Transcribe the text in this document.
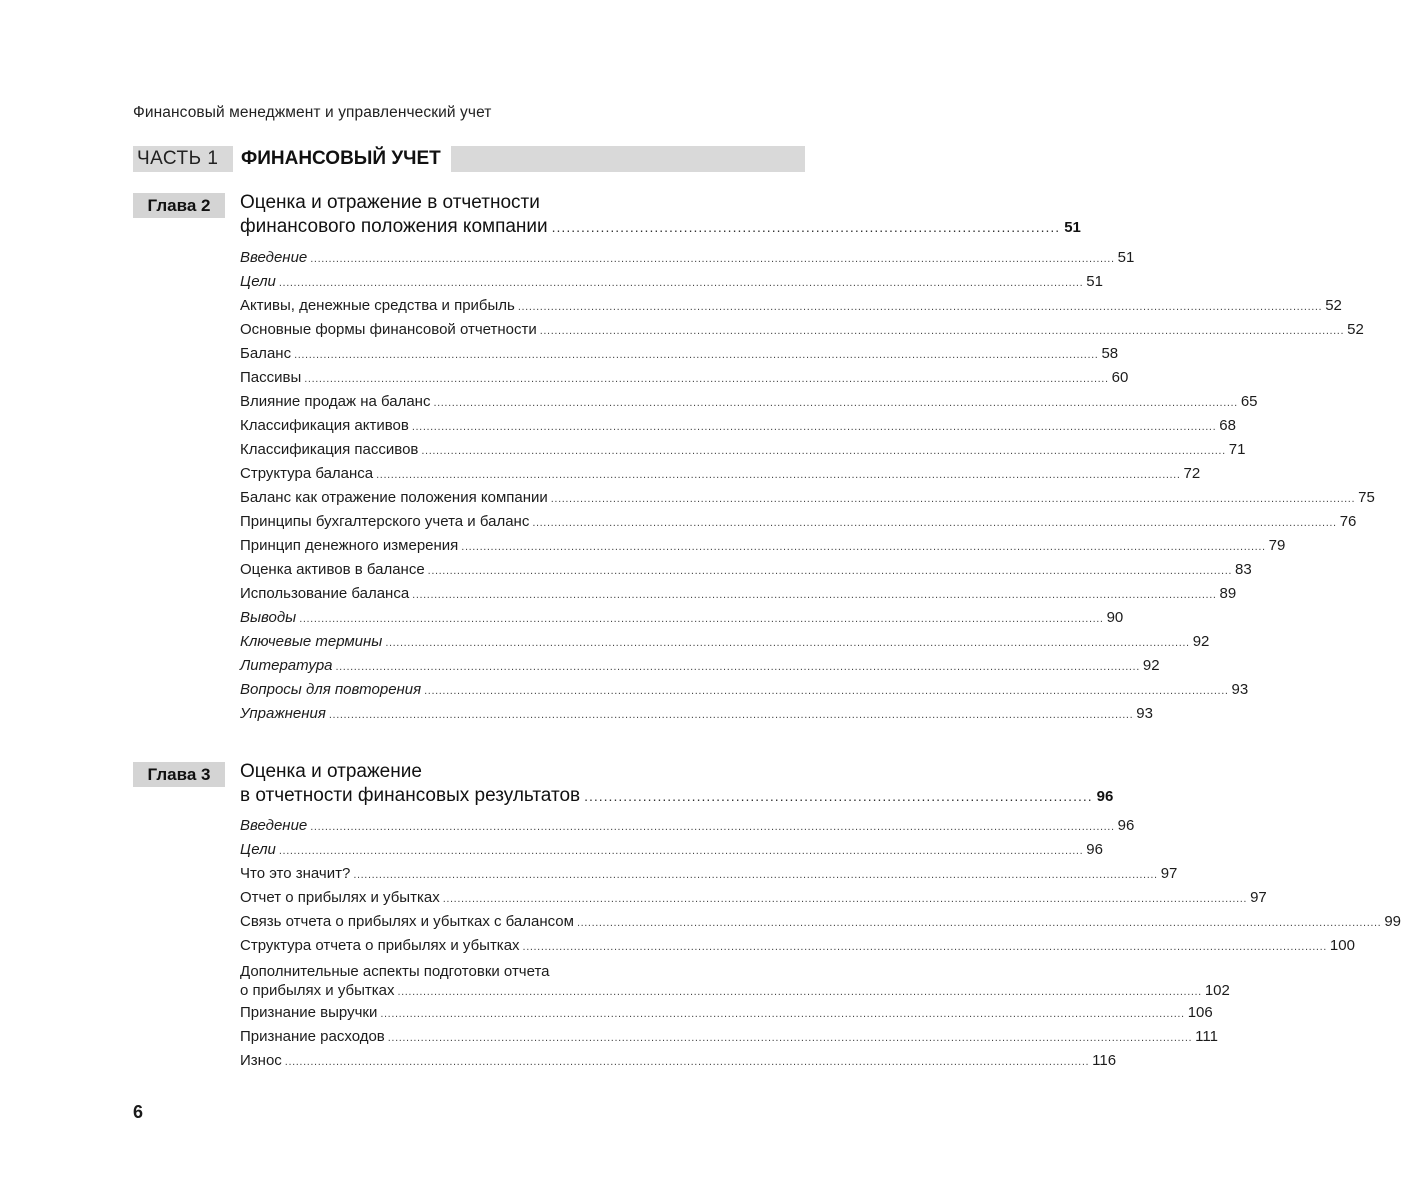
Финансовый менеджмент и управленческий учет
ЧАСТЬ 1	ФИНАНСОВЫЙ УЧЕТ
Глава 2	Оценка и отражение в отчетности
финансового положения компании ........................................................................................................ 51
Введение ............................................................................................................................................................................................................................ 51
Цели ............................................................................................................................................................................................................................ 51
Активы, денежные средства и прибыль ............................................................................................................................................................................................................................ 52
Основные формы финансовой отчетности ............................................................................................................................................................................................................................ 52
Баланс ............................................................................................................................................................................................................................ 58
Пассивы ............................................................................................................................................................................................................................ 60
Влияние продаж на баланс ............................................................................................................................................................................................................................ 65
Классификация активов ............................................................................................................................................................................................................................ 68
Классификация пассивов ............................................................................................................................................................................................................................ 71
Структура баланса ............................................................................................................................................................................................................................ 72
Баланс как отражение положения компании ............................................................................................................................................................................................................................ 75
Принципы бухгалтерского учета и баланс ............................................................................................................................................................................................................................ 76
Принцип денежного измерения ............................................................................................................................................................................................................................ 79
Оценка активов в балансе ............................................................................................................................................................................................................................ 83
Использование баланса ............................................................................................................................................................................................................................ 89
Выводы ............................................................................................................................................................................................................................ 90
Ключевые термины ............................................................................................................................................................................................................................ 92
Литература ............................................................................................................................................................................................................................ 92
Вопросы для повторения ............................................................................................................................................................................................................................ 93
Упражнения ............................................................................................................................................................................................................................ 93
Глава 3	Оценка и отражение
в отчетности финансовых результатов ........................................................................................................ 96
Введение ............................................................................................................................................................................................................................ 96
Цели ............................................................................................................................................................................................................................ 96
Что это значит? ............................................................................................................................................................................................................................ 97
Отчет о прибылях и убытках ............................................................................................................................................................................................................................ 97
Связь отчета о прибылях и убытках с балансом ............................................................................................................................................................................................................................ 99
Структура отчета о прибылях и убытках ............................................................................................................................................................................................................................ 100
Дополнительные аспекты подготовки отчета
о прибылях и убытках ............................................................................................................................................................................................................................ 102
Признание выручки ............................................................................................................................................................................................................................ 106
Признание расходов ............................................................................................................................................................................................................................ 111
Износ ............................................................................................................................................................................................................................ 116
6
